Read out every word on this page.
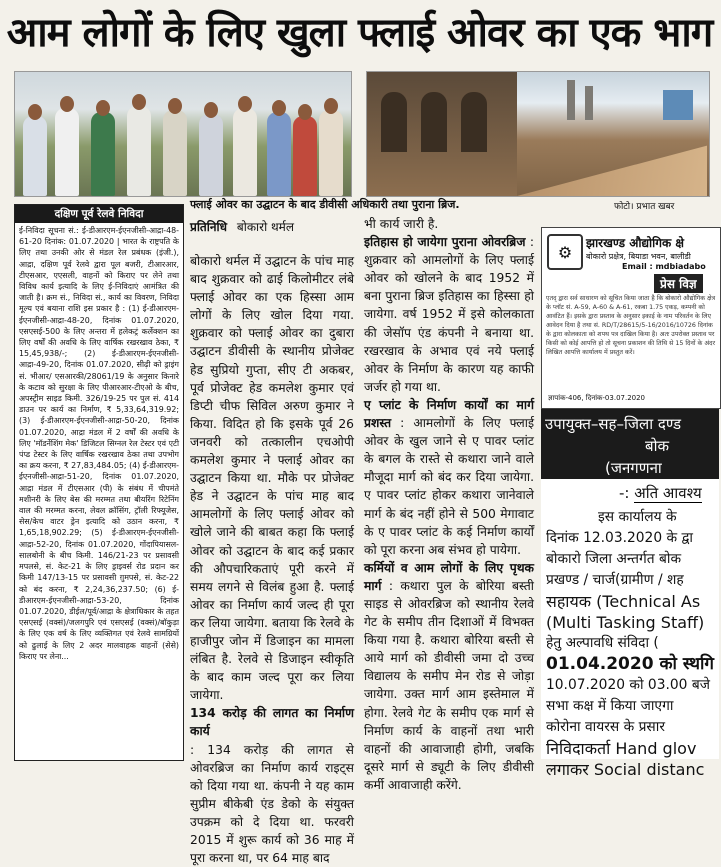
आम लोगों के लिए खुला फ्लाई ओवर का एक भाग
फ्लाई ओवर का उद्घाटन के बाद डीवीसी अधिकारी तथा पुराना ब्रिज.	फोटो। प्रभात खबर
दक्षिण पूर्व रेलवे निविदा
ई-निविदा सूचना सं.: ई-डीआरएम-ईएनजीसी-आद्रा-48-61-20 दिनांक: 01.07.2020 | भारत के राष्ट्रपति के लिए तथा उनकी ओर से मंडल रेल प्रबंधक (इंजी.), आद्रा, दक्षिण पूर्व रेलवे द्वारा पूल बजरी, टीआरआर, टीएसआर, एएसली, वाहनों को किराए पर लेने तथा विविध कार्य इत्यादि के लिए ई-निविदाएं आमंत्रित की जाती है। क्रम सं., निविदा सं., कार्य का विवरण, निविदा मूल्य एवं बयाना राशि इस प्रकार है : (1) ई-डीआरएम-ईएनजीसी-आद्रा-48-20, दिनांक 01.07.2020, एसएसई-500 के लिए अन्तरा में हलेकट्रं कर्लेक्शन का लिए वर्षों की अवधि के लिए वार्षिक रखरखाव ठेका, ₹ 15,45,938/-; (2) ई-डीआरएम-ईएनजीसी-आद्रा-49-20, दिनांक 01.07.2020, सीढ़ी को ड्राइंग सं. भीआर/ एसआरकी/28061/19 के अनुसार किनारे के कटाव को सुरक्षा के लिए पीआरआर-टीएओ के बीच, अपस्ट्रीम साइड किमी. 326/19-25 पर पुल सं. 414 डाउन पर कार्य का निर्माण, ₹ 5,33,64,319.92; (3) ई-डीआरएम-ईएनजीसी-आद्रा-50-20, दिनांक 01.07.2020, आद्रा मंडल में 2 वर्षों की अवधि के लिए 'मॉडर्नेशिंग मेक' डिजिटल सिग्नल रेल टेस्टर एवं एटी पंप्ड टेस्टर के लिए वार्षिक रखरखाव ठेका तथा उपभोग का क्रय करना, ₹ 27,83,484.05; (4) ई-डीआरएम-ईएनजीसी-आद्रा-51-20, दिनांक 01.07.2020, आद्रा मंडल में टीएसआर (पी) के संबंध में चीपमंते मशीनरी के लिए बेस की मरम्मत तथा बीयरिंग रिटेनिंग वाल की मरम्मत करना, लेवल क्रॉसिंग, ट्रॉली रिफ्यूजेस, सेस/केच वाटर ड्रेन इत्यादि को उठान करना, ₹ 1,65,18,902.29; (5) ई-डीआरएम-ईएनजीसी-आद्रा-52-20, दिनांक 01.07.2020, गोंदापियासल-सालबोनी के बीच किमी. 146/21-23 पर प्रसावसी मपलसे, सं. केट-21 के लिए ड्राइवर्स रोड प्रदान कर किमी 147/13-15 पर प्रसावसी ग़ुमपसे, सं. केट-22 को बंद करना, ₹ 2,24,36,237.50; (6) ई-डीआरएम-ईएनजीसी-आद्रा-53-20, दिनांक 01.07.2020, डीईल/पूर्व/आद्रा के क्षेत्राधिकार के तहत एसएसई (वक्सं)/जलगपुरि एवं एसएसई (वक्सं)/बॉकुड़ा के लिए एक वर्ष के लिए व्यक्तिगत एवं रेलवे सामग्रियों को ढुलाई के लिए 2 अदर मालवाहक वाहनों (सेसे) किराए पर लेना...
प्रतिनिधि बोकारो थर्मल
बोकारो थर्मल में उद्घाटन के पांच माह बाद शुक्रवार को ढाई किलोमीटर लंबे फ्लाई ओवर का एक हिस्सा आम लोगों के लिए खोल दिया गया. शुक्रवार को फ्लाई ओवर का दुबारा उद्घाटन डीवीसी के स्थानीय प्रोजेक्ट हेड सुप्रियो गुप्ता, सीए टी अकबर, पूर्व प्रोजेक्ट हेड कमलेश कुमार एवं डिप्टी चीफ सिविल अरुण कुमार ने किया. विदित हो कि इसके पूर्व 26 जनवरी को तत्कालीन एचओपी कमलेश कुमार ने फ्लाई ओवर का उद्घाटन किया था. मौके पर प्रोजेक्ट हेड ने उद्घाटन के पांच माह बाद आमलोगों के लिए फ्लाई ओवर को खोले जाने की बाबत कहा कि फ्लाई ओवर को उद्घाटन के बाद कई प्रकार की औपचारिकताएं पूरी करने में समय लगने से विलंब हुआ है. फ्लाई ओवर का निर्माण कार्य जल्द ही पूरा कर लिया जायेगा. बताया कि रेलवे के हाजीपुर जोन में डिजाइन का मामला लंबित है. रेलवे से डिजाइन स्वीकृति के बाद काम जल्द पूरा कर लिया जायेगा.
134 करोड़ की लागत का निर्माण कार्य
: 134 करोड़ की लागत से ओवरब्रिज का निर्माण कार्य राइट्स को दिया गया था. कंपनी ने यह काम सुप्रीम बीकेबी एंड डेको के संयुक्त उपक्रम को दे दिया था. फरवरी 2015 में शुरू कार्य को 36 माह में पूरा करना था, पर 64 माह बाद
भी कार्य जारी है.
इतिहास हो जायेगा पुराना ओवरब्रिज : शुक्रवार को आमलोगों के लिए फ्लाई ओवर को खोलने के बाद 1952 में बना पुराना ब्रिज इतिहास का हिस्सा हो जायेगा. वर्ष 1952 में इसे कोलकाता की जेसॉप एंड कंपनी ने बनाया था. रखरखाव के अभाव एवं नये फ्लाई ओवर के निर्माण के कारण यह काफी जर्जर हो गया था.
ए प्लांट के निर्माण कार्यों का मार्ग प्रशस्त : आमलोगों के लिए फ्लाई ओवर के खुल जाने से ए पावर प्लांट के बगल के रास्ते से कथारा जाने वाले मौजूदा मार्ग को बंद कर दिया जायेगा. ए पावर प्लांट होकर कथारा जानेवाले मार्ग के बंद नहीं होने से 500 मेगावाट के ए पावर प्लांट के कई निर्माण कार्यों को पूरा करना अब संभव हो पायेगा.
कर्मियों व आम लोगों के लिए पृथक मार्ग : कथारा पुल के बोरिया बस्ती साइड से ओवरब्रिज को स्थानीय रेलवे गेट के समीप तीन दिशाओं में विभक्त किया गया है. कथारा बोरिया बस्ती से आये मार्ग को डीवीसी जमा दो उच्च विद्यालय के समीप मेन रोड से जोड़ा जायेगा. उक्त मार्ग आम इस्तेमाल में होगा. रेलवे गेट के समीप एक मार्ग से निर्माण कार्य के वाहनों तथा भारी वाहनों की आवाजाही होगी, जबकि दूसरे मार्ग से ड्यूटी के लिए डीवीसी कर्मी आवाजाही करेंगे.
⚙	झारखण्ड औद्योगिक क्षे
बोकारो प्रक्षेत्र, बियाडा भवन, बालीडी
Email : mdbiadabo
प्रेस विज्ञ
एतद् द्वारा सर्व साधारण को सूचित किया जाता है कि बोकारो औद्योगिक क्षेत्र के प्लॉट सं. A-59, A-60 & A-61, रकबा 1.75 एकड़, कम्पनी को आवंटित हैं। इसके द्वारा प्रस्ताव के अनुसार इकाई के नाम परिवर्तन के लिए आवेदन दिया है तथा सं. RD/T/28615/5-16/2016/10726 दिनांक के द्वारा कोलकाता को शपथ पत्र दाखिल किया है। अतः उपरोक्त प्रस्ताव पर किसी को कोई आपत्ति हो तो सूचना प्रकाशन की तिथि से 15 दिनों के अंदर लिखित आपत्ति कार्यालय में प्रस्तुत करें।
ज्ञापांक-406, दिनांक-03.07.2020
उपायुक्त–सह–जिला दण्ड
बोक
(जनगणना
-: अति आवश्य
इस कार्यालय के
दिनांक 12.03.2020 के द्वा
बोकारो जिला अन्तर्गत बोक
प्रखण्ड / चार्ज(ग्रामीण / शह
सहायक (Technical As
(Multi Tasking Staff)
हेतु अल्पावधि संविदा (
01.04.2020 को स्थगि
10.07.2020 को 03.00 बजे
सभा कक्ष में किया जाएगा
कोरोना वायरस के प्रसार
निविदाकर्ता Hand glov
लगाकर Social distanc
